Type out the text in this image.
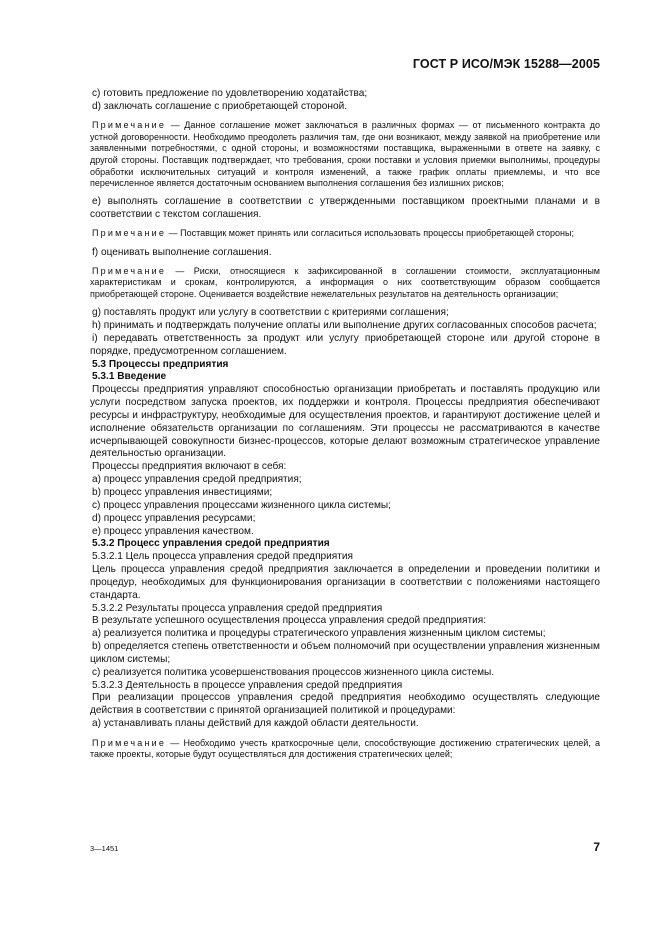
ГОСТ Р ИСО/МЭК 15288—2005

c) готовить предложение по удовлетворению ходатайства;

d) заключать соглашение с приобретающей стороной.

Примечание — Данное соглашение может заключаться в различных формах — от письменного контракта до устной договоренности. Необходимо преодолеть различия там, где они возникают, между заявкой на приобретение или заявленными потребностями, с одной стороны, и возможностями поставщика, выраженными в ответе на заявку, с другой стороны. Поставщик подтверждает, что требования, сроки поставки и условия приемки выполнимы, процедуры обработки исключительных ситуаций и контроля изменений, а также график оплаты приемлемы, и что все перечисленное является достаточным основанием выполнения соглашения без излишних рисков;

e) выполнять соглашение в соответствии с утвержденными поставщиком проектными планами и в соответствии с текстом соглашения.

Примечание — Поставщик может принять или согласиться использовать процессы приобретающей стороны;

f) оценивать выполнение соглашения.

Примечание — Риски, относящиеся к зафиксированной в соглашении стоимости, эксплуатационным характеристикам и срокам, контролируются, а информация о них соответствующим образом сообщается приобретающей стороне. Оценивается воздействие нежелательных результатов на деятельность организации;

g) поставлять продукт или услугу в соответствии с критериями соглашения;

h) принимать и подтверждать получение оплаты или выполнение других согласованных способов расчета;

i) передавать ответственность за продукт или услугу приобретающей стороне или другой стороне в порядке, предусмотренном соглашением.

5.3 Процессы предприятия

5.3.1 Введение

Процессы предприятия управляют способностью организации приобретать и поставлять продукцию или услуги посредством запуска проектов, их поддержки и контроля. Процессы предприятия обеспечивают ресурсы и инфраструктуру, необходимые для осуществления проектов, и гарантируют достижение целей и исполнение обязательств организации по соглашениям. Эти процессы не рассматриваются в качестве исчерпывающей совокупности бизнес-процессов, которые делают возможным стратегическое управление деятельностью организации.

Процессы предприятия включают в себя:

a) процесс управления средой предприятия;

b) процесс управления инвестициями;

c) процесс управления процессами жизненного цикла системы;

d) процесс управления ресурсами;

e) процесс управления качеством.

5.3.2 Процесс управления средой предприятия

5.3.2.1 Цель процесса управления средой предприятия

Цель процесса управления средой предприятия заключается в определении и проведении политики и процедур, необходимых для функционирования организации в соответствии с положениями настоящего стандарта.

5.3.2.2 Результаты процесса управления средой предприятия

В результате успешного осуществления процесса управления средой предприятия:

a) реализуется политика и процедуры стратегического управления жизненным циклом системы;

b) определяется степень ответственности и объем полномочий при осуществлении управления жизненным циклом системы;

c) реализуется политика усовершенствования процессов жизненного цикла системы.

5.3.2.3 Деятельность в процессе управления средой предприятия

При реализации процессов управления средой предприятия необходимо осуществлять следующие действия в соответствии с принятой организацией политикой и процедурами:

a) устанавливать планы действий для каждой области деятельности.

Примечание — Необходимо учесть краткосрочные цели, способствующие достижению стратегических целей, а также проекты, которые будут осуществляться для достижения стратегических целей;

3—1451	7
